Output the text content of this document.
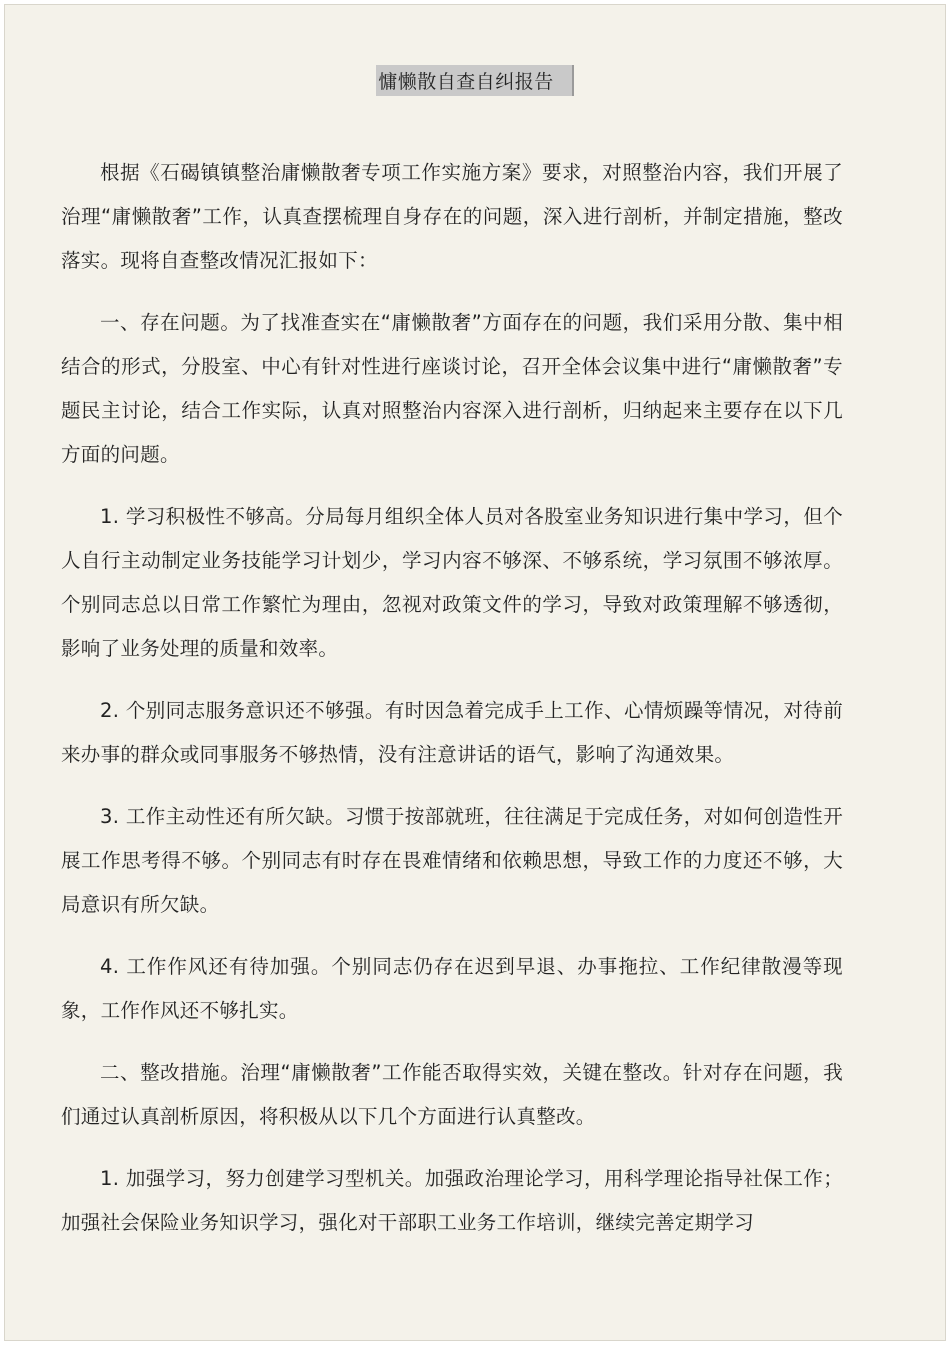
慵懒散自查自纠报告

根据《石碣镇镇整治庸懒散奢专项工作实施方案》要求，对照整治内容，我们开展了治理“庸懒散奢”工作，认真查摆梳理自身存在的问题，深入进行剖析，并制定措施，整改落实。现将自查整改情况汇报如下：

一、存在问题。为了找准查实在“庸懒散奢”方面存在的问题，我们采用分散、集中相结合的形式，分股室、中心有针对性进行座谈讨论，召开全体会议集中进行“庸懒散奢”专题民主讨论，结合工作实际，认真对照整治内容深入进行剖析，归纳起来主要存在以下几方面的问题。

1. 学习积极性不够高。分局每月组织全体人员对各股室业务知识进行集中学习，但个人自行主动制定业务技能学习计划少，学习内容不够深、不够系统，学习氛围不够浓厚。个别同志总以日常工作繁忙为理由，忽视对政策文件的学习，导致对政策理解不够透彻，影响了业务处理的质量和效率。

2. 个别同志服务意识还不够强。有时因急着完成手上工作、心情烦躁等情况，对待前来办事的群众或同事服务不够热情，没有注意讲话的语气，影响了沟通效果。

3. 工作主动性还有所欠缺。习惯于按部就班，往往满足于完成任务，对如何创造性开展工作思考得不够。个别同志有时存在畏难情绪和依赖思想，导致工作的力度还不够，大局意识有所欠缺。

4. 工作作风还有待加强。个别同志仍存在迟到早退、办事拖拉、工作纪律散漫等现象，工作作风还不够扎实。

二、整改措施。治理“庸懒散奢”工作能否取得实效，关键在整改。针对存在问题，我们通过认真剖析原因，将积极从以下几个方面进行认真整改。

1. 加强学习，努力创建学习型机关。加强政治理论学习，用科学理论指导社保工作；加强社会保险业务知识学习，强化对干部职工业务工作培训，继续完善定期学习
